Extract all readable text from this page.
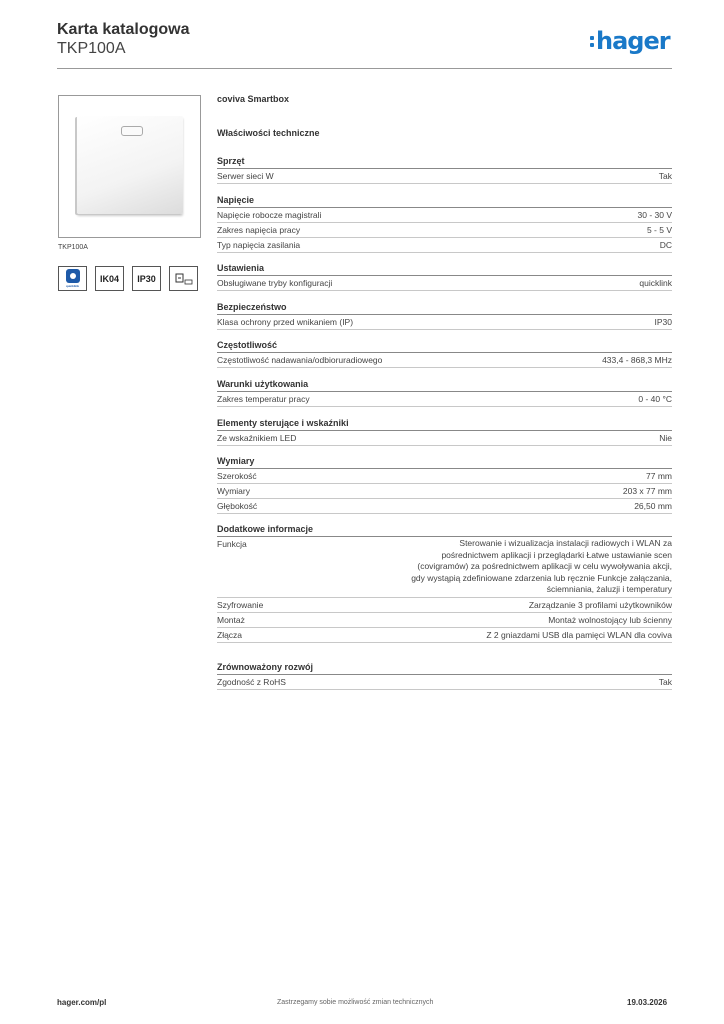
Karta katalogowa
TKP100A	hager
TKP100A
quicklink
IK04	IP30
coviva Smartbox
Właściwości techniczne
Sprzęt
Serwer sieci W	Tak
Napięcie
Napięcie robocze magistrali	30 - 30 V
Zakres napięcia pracy	5 - 5 V
Typ napięcia zasilania	DC
Ustawienia
Obsługiwane tryby konfiguracji	quicklink
Bezpieczeństwo
Klasa ochrony przed wnikaniem (IP)	IP30
Częstotliwość
Częstotliwość nadawania/odbioruradiowego	433,4 - 868,3 MHz
Warunki użytkowania
Zakres temperatur pracy	0 - 40 °C
Elementy sterujące i wskaźniki
Ze wskaźnikiem LED	Nie
Wymiary
Szerokość	77 mm
Wymiary	203 x 77 mm
Głębokość	26,50 mm
Dodatkowe informacje
Funkcja	Sterowanie i wizualizacja instalacji radiowych i WLAN za pośrednictwem aplikacji i przeglądarki Łatwe ustawianie scen (covigramów) za pośrednictwem aplikacji w celu wywoływania akcji, gdy wystąpią zdefiniowane zdarzenia lub ręcznie Funkcje załączania, ściemniania, żaluzji i temperatury
Szyfrowanie	Zarządzanie 3 profilami użytkowników
Montaż	Montaż wolnostojący lub ścienny
Złącza	Z 2 gniazdami USB dla pamięci WLAN dla coviva
Zrównoważony rozwój
Zgodność z RoHS	Tak
hager.com/pl	Zastrzegamy sobie możliwość zmian technicznych	19.03.2026
